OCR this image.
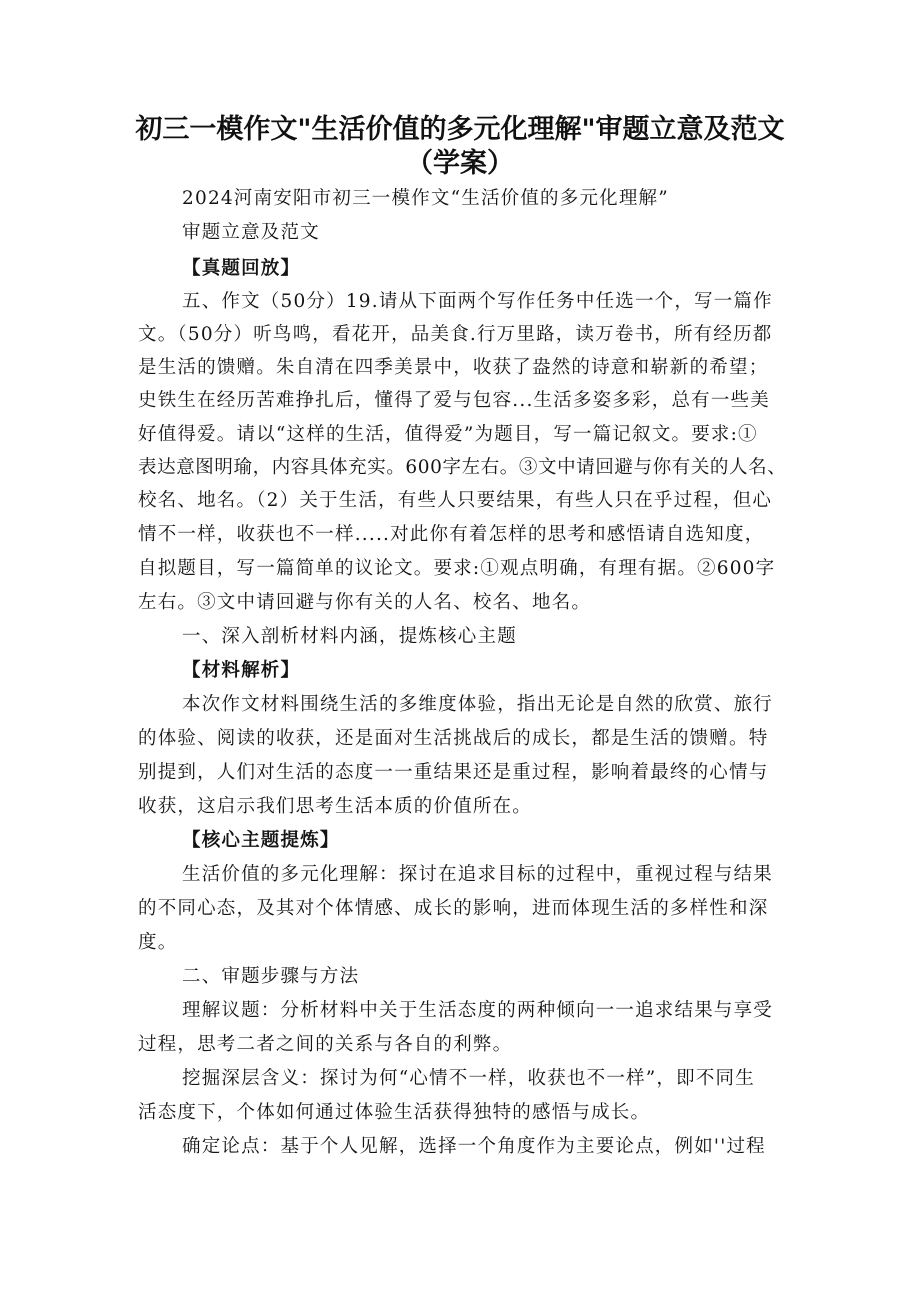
初三一模作文"生活价值的多元化理解"审题立意及范文
（学案）
2024河南安阳市初三一模作文“生活价值的多元化理解”
审题立意及范文
【真题回放】
五、作文（50分）19.请从下面两个写作任务中任选一个，写一篇作
文。（50分）听鸟鸣，看花开，品美食.行万里路，读万卷书，所有经历都
是生活的馈赠。朱自清在四季美景中，收获了盎然的诗意和崭新的希望；
史铁生在经历苦难挣扎后，懂得了爱与包容...生活多姿多彩，总有一些美
好值得爱。请以“这样的生活，值得爱”为题目，写一篇记叙文。要求:①
表达意图明瑜，内容具体充实。600字左右。③文中请回避与你有关的人名、
校名、地名。（2）关于生活，有些人只要结果，有些人只在乎过程，但心
情不一样，收获也不一样.....对此你有着怎样的思考和感悟请自选知度，
自拟题目，写一篇简单的议论文。要求:①观点明确，有理有据。②600字
左右。③文中请回避与你有关的人名、校名、地名。
一、深入剖析材料内涵，提炼核心主题
【材料解析】
本次作文材料围绕生活的多维度体验，指出无论是自然的欣赏、旅行
的体验、阅读的收获，还是面对生活挑战后的成长，都是生活的馈赠。特
别提到，人们对生活的态度一一重结果还是重过程，影响着最终的心情与
收获，这启示我们思考生活本质的价值所在。
【核心主题提炼】
生活价值的多元化理解：探讨在追求目标的过程中，重视过程与结果
的不同心态，及其对个体情感、成长的影响，进而体现生活的多样性和深
度。
二、审题步骤与方法
理解议题：分析材料中关于生活态度的两种倾向一一追求结果与享受
过程，思考二者之间的关系与各自的利弊。
挖掘深层含义：探讨为何“心情不一样，收获也不一样”，即不同生
活态度下，个体如何通过体验生活获得独特的感悟与成长。
确定论点：基于个人见解，选择一个角度作为主要论点，例如''过程
